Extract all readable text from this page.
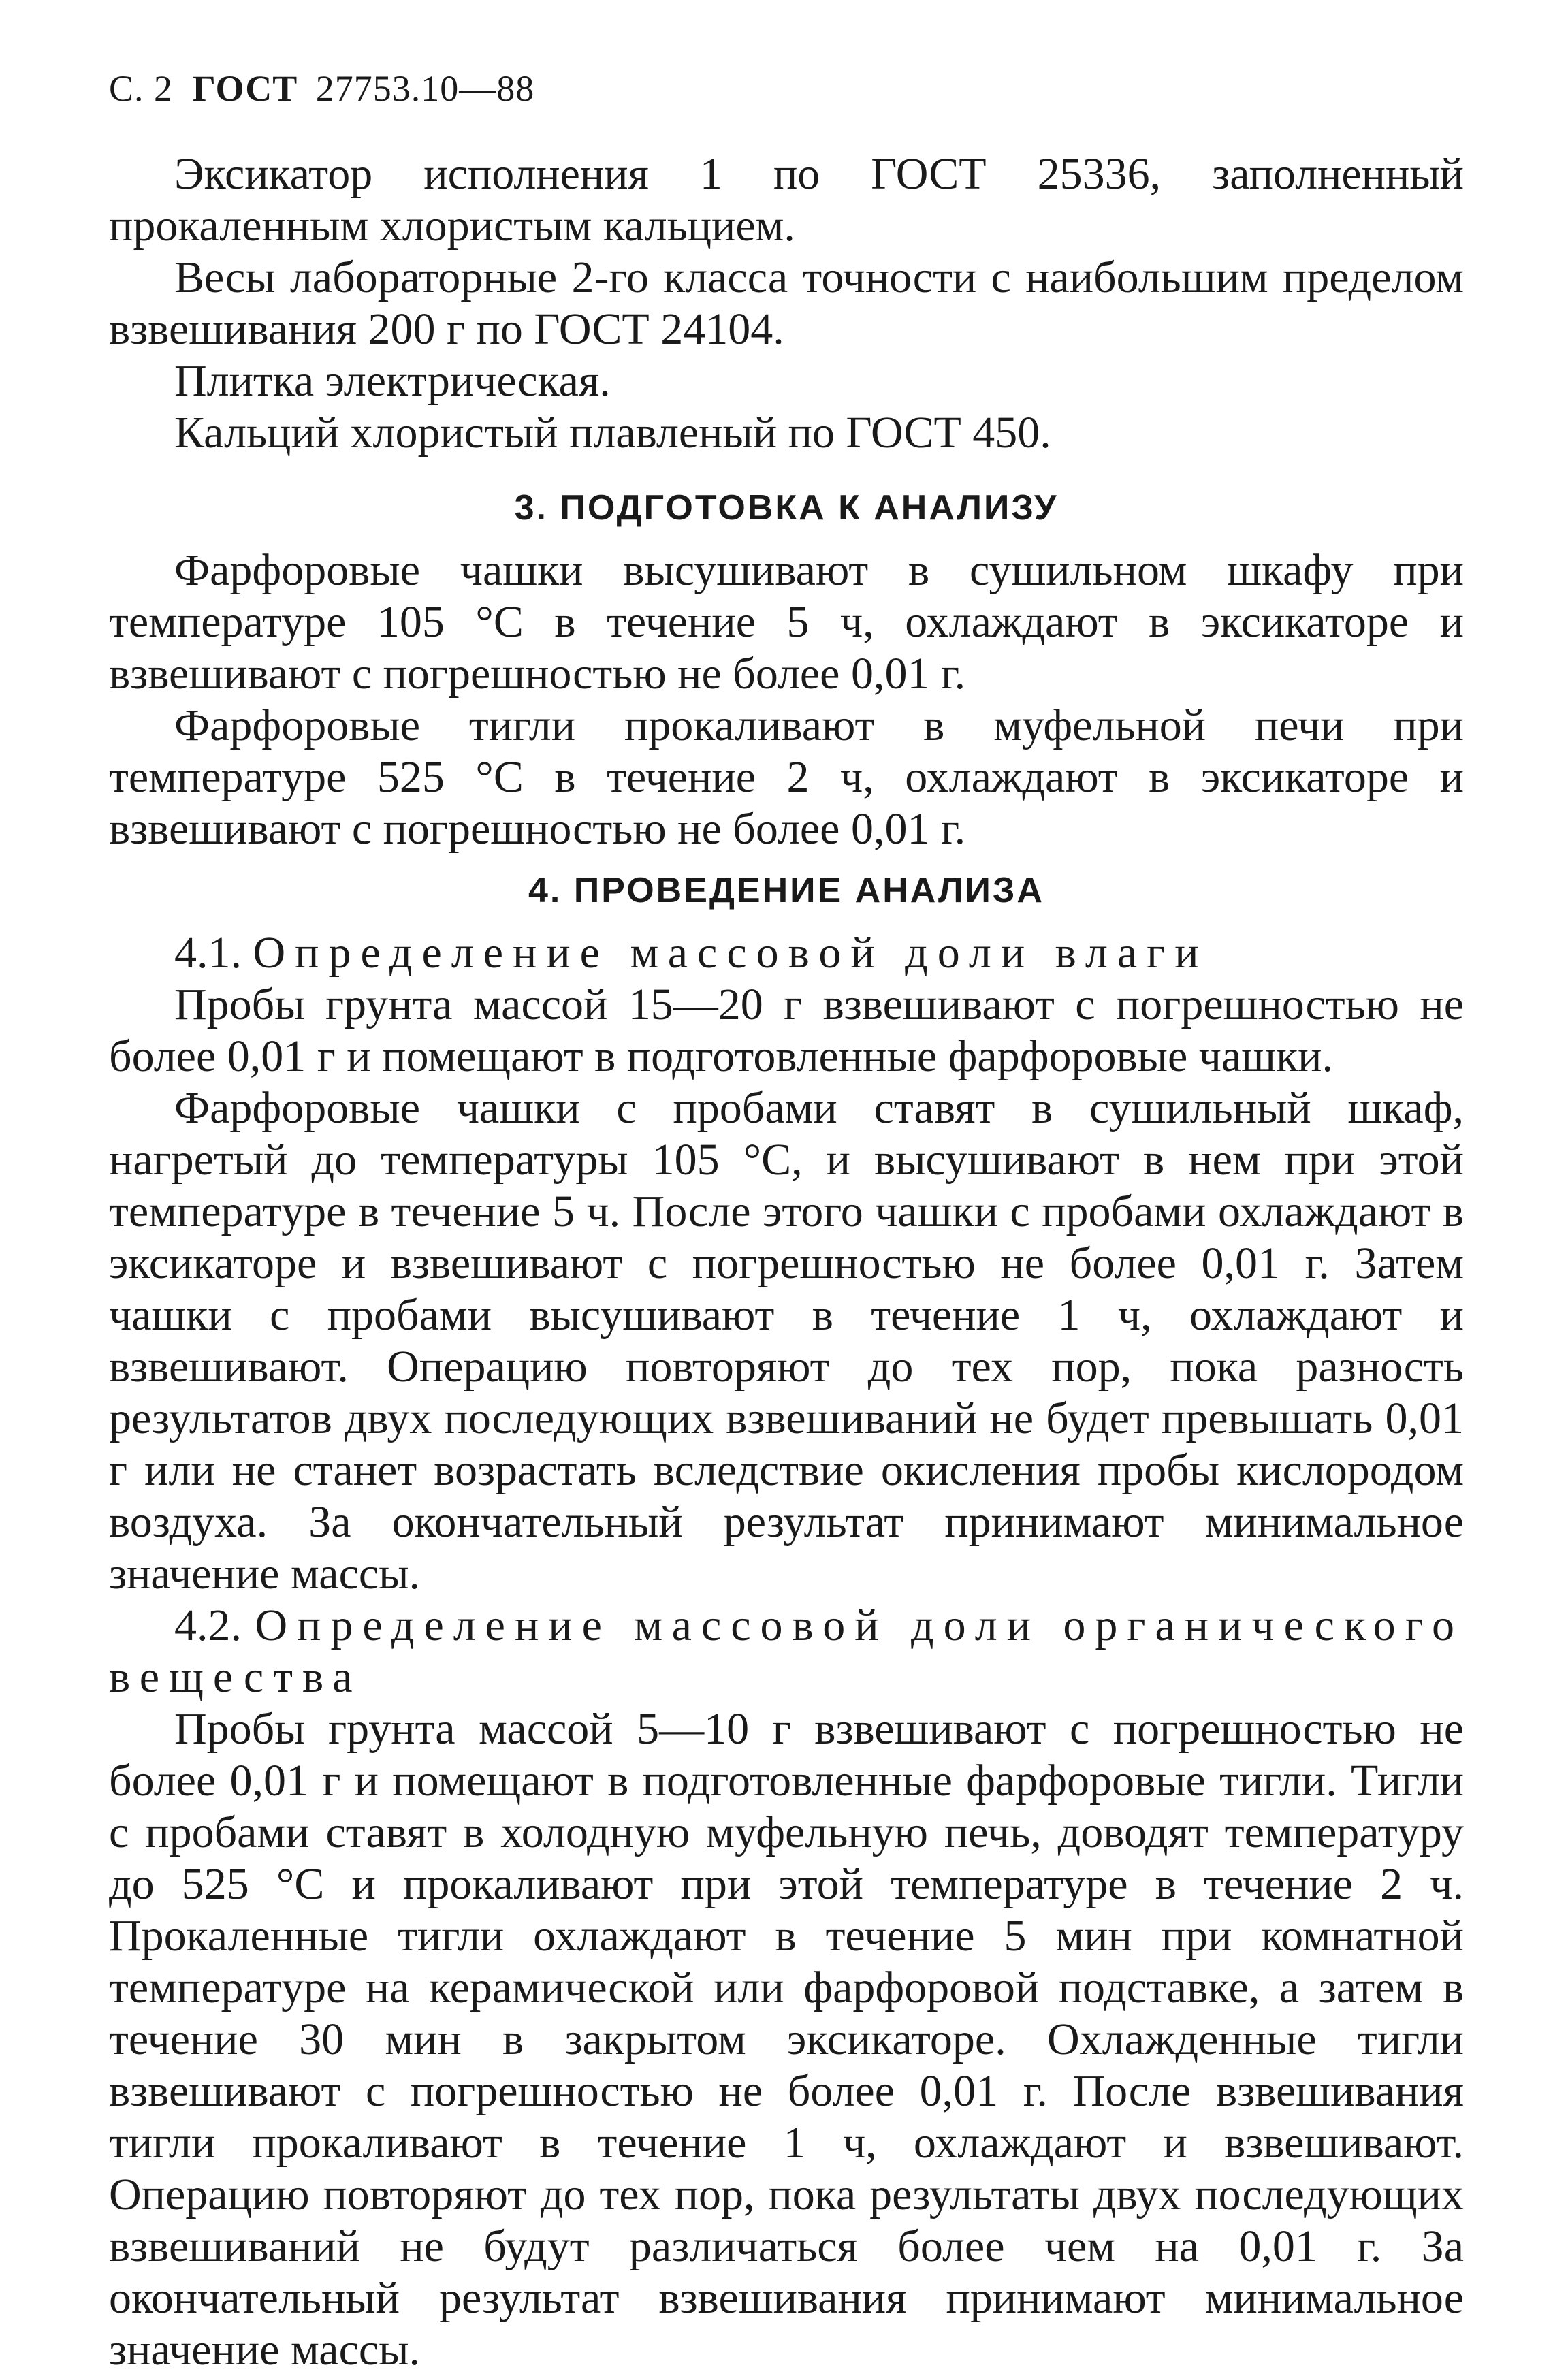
С. 2 ГОСТ 27753.10—88

Эксикатор исполнения 1 по ГОСТ 25336, заполненный прокаленным хлористым кальцием.

Весы лабораторные 2-го класса точности с наибольшим пределом взвешивания 200 г по ГОСТ 24104.

Плитка электрическая.

Кальций хлористый плавленый по ГОСТ 450.

3. ПОДГОТОВКА К АНАЛИЗУ

Фарфоровые чашки высушивают в сушильном шкафу при температуре 105 °С в течение 5 ч, охлаждают в эксикаторе и взвешивают с погрешностью не более 0,01 г.

Фарфоровые тигли прокаливают в муфельной печи при температуре 525 °С в течение 2 ч, охлаждают в эксикаторе и взвешивают с погрешностью не более 0,01 г.

4. ПРОВЕДЕНИЕ АНАЛИЗА

4.1. Определение массовой доли влаги

Пробы грунта массой 15—20 г взвешивают с погрешностью не более 0,01 г и помещают в подготовленные фарфоровые чашки.

Фарфоровые чашки с пробами ставят в сушильный шкаф, нагретый до температуры 105 °С, и высушивают в нем при этой температуре в течение 5 ч. После этого чашки с пробами охлаждают в эксикаторе и взвешивают с погрешностью не более 0,01 г. Затем чашки с пробами высушивают в течение 1 ч, охлаждают и взвешивают. Операцию повторяют до тех пор, пока разность результатов двух последующих взвешиваний не будет превышать 0,01 г или не станет возрастать вследствие окисления пробы кислородом воздуха. За окончательный результат принимают минимальное значение массы.

4.2. Определение массовой доли органического вещества

Пробы грунта массой 5—10 г взвешивают с погрешностью не более 0,01 г и помещают в подготовленные фарфоровые тигли. Тигли с пробами ставят в холодную муфельную печь, доводят температуру до 525 °С и прокаливают при этой температуре в течение 2 ч. Прокаленные тигли охлаждают в течение 5 мин при комнатной температуре на керамической или фарфоровой подставке, а затем в течение 30 мин в закрытом эксикаторе. Охлажденные тигли взвешивают с погрешностью не более 0,01 г. После взвешивания тигли прокаливают в течение 1 ч, охлаждают и взвешивают. Операцию повторяют до тех пор, пока результаты двух последующих взвешиваний не будут различаться более чем на 0,01 г. За окончательный результат взвешивания принимают минимальное значение массы.
